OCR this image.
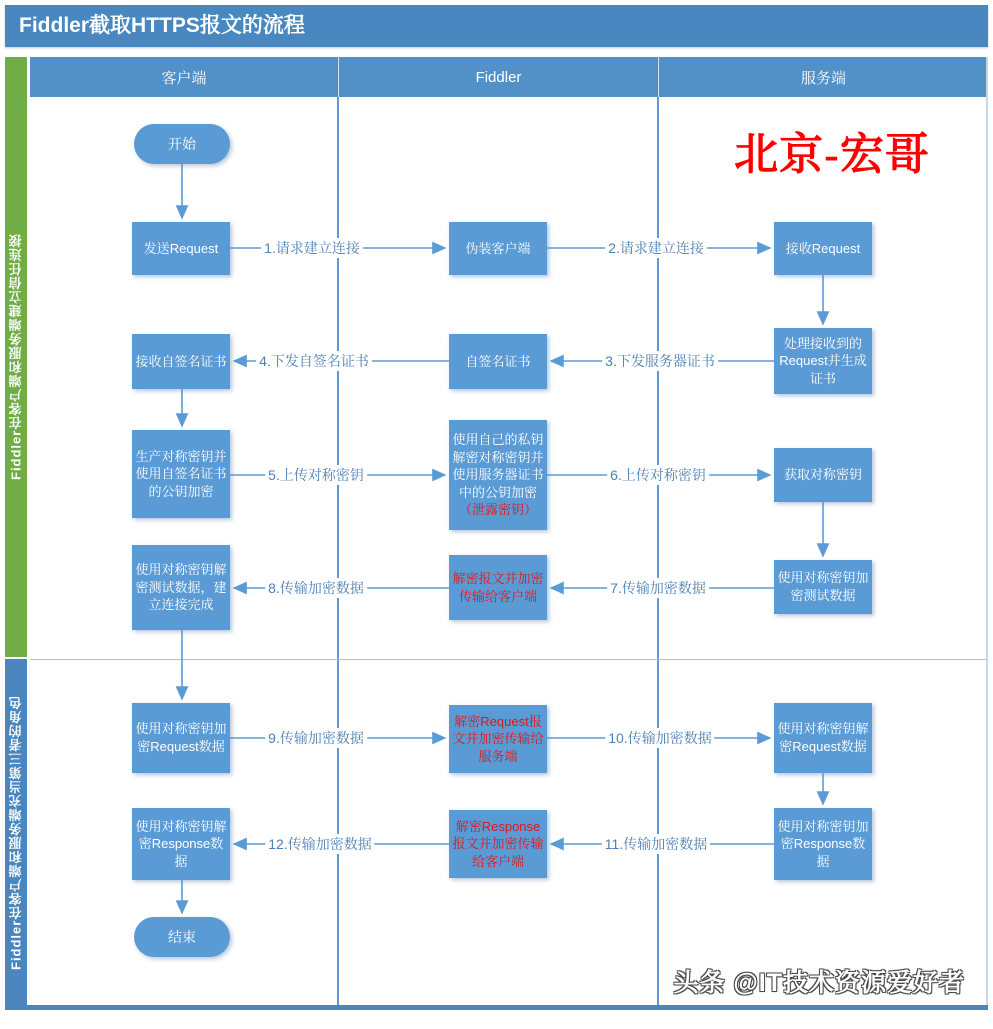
Fiddler截取HTTPS报文的流程
客户端	Fiddler	服务端
Fiddler在客户端和服务端建立信任连接
Fiddler在客户端和服务端充当第三者的角色
开始
发送Request
接收自签名证书
生产对称密钥并使用自签名证书的公钥加密
使用对称密钥解密测试数据，建立连接完成
使用对称密钥加密Request数据
使用对称密钥解密Response数据
结束
伪装客户端
自签名证书
使用自己的私钥解密对称密钥并使用服务器证书中的公钥加密（泄露密钥）
解密报文并加密传输给客户端
解密Request报文并加密传输给服务端
解密Response报文并加密传输给客户端
接收Request
处理接收到的Request并生成证书
获取对称密钥
使用对称密钥加密测试数据
使用对称密钥解密Request数据
使用对称密钥加密Response数据
1.请求建立连接	2.请求建立连接
3.下发服务器证书
4.下发自签名证书
5.上传对称密钥	6.上传对称密钥
7.传输加密数据
8.传输加密数据
9.传输加密数据	10.传输加密数据
11.传输加密数据
12.传输加密数据
北京-宏哥
头条 @IT技术资源爱好者
